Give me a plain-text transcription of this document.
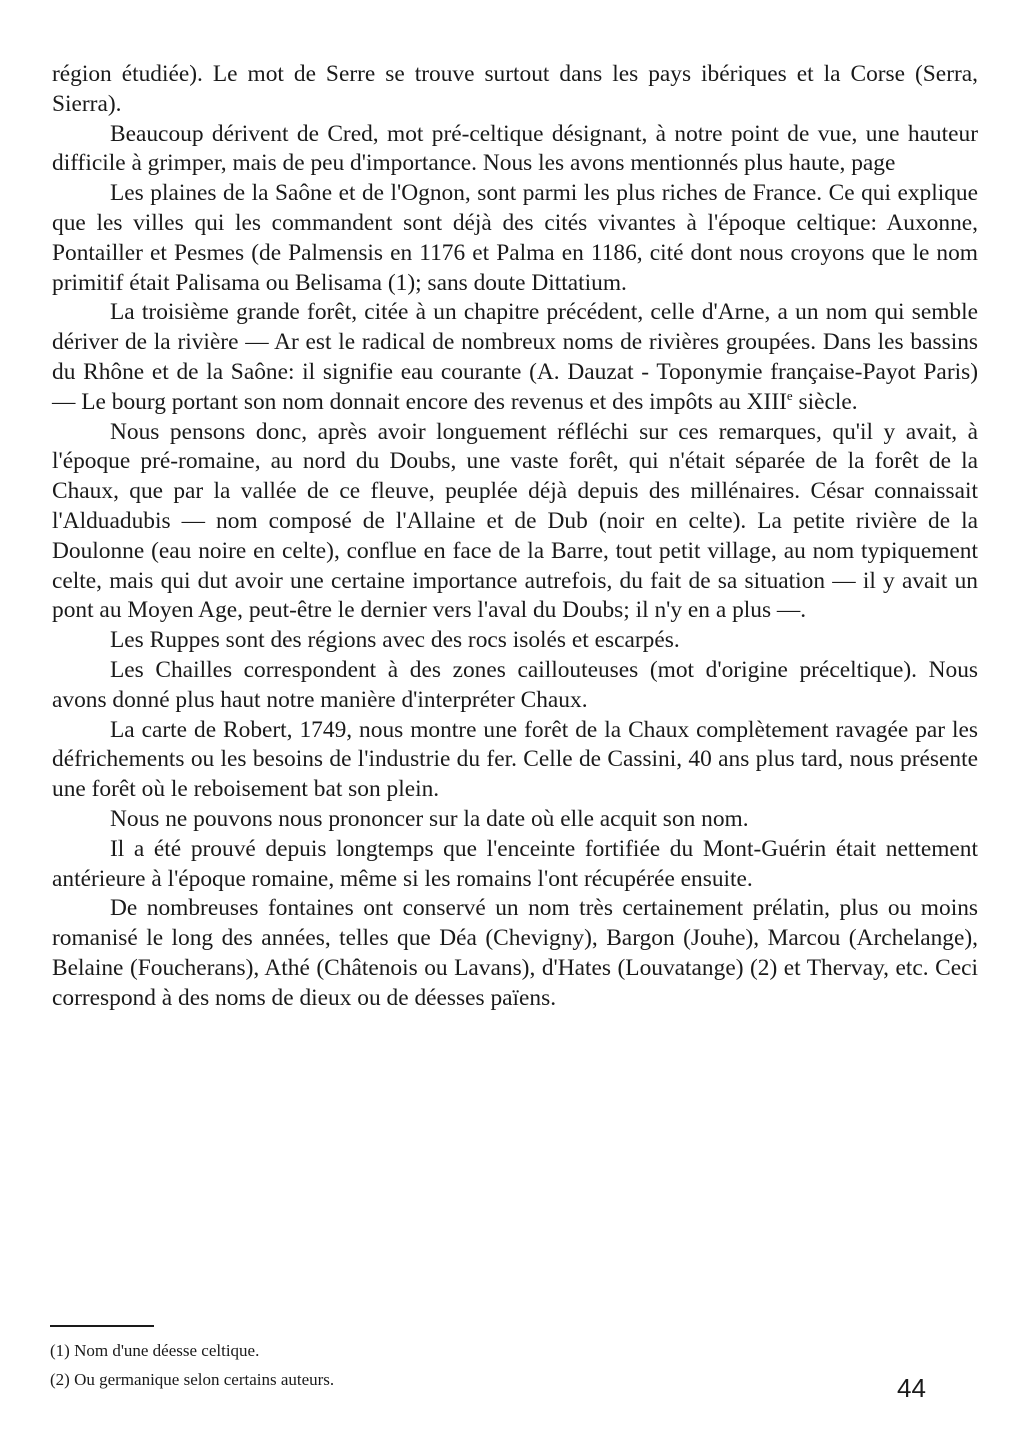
région étudiée). Le mot de Serre se trouve surtout dans les pays ibériques et la Corse (Serra, Sierra).

Beaucoup dérivent de Cred, mot pré-celtique désignant, à notre point de vue, une hauteur difficile à grimper, mais de peu d'importance. Nous les avons mentionnés plus haute, page

Les plaines de la Saône et de l'Ognon, sont parmi les plus riches de France. Ce qui explique que les villes qui les commandent sont déjà des cités vivantes à l'époque celtique: Auxonne, Pontailler et Pesmes (de Palmensis en 1176 et Palma en 1186, cité dont nous croyons que le nom primitif était Palisama ou Belisama (1); sans doute Dittatium.

La troisième grande forêt, citée à un chapitre précédent, celle d'Arne, a un nom qui semble dériver de la rivière — Ar est le radical de nombreux noms de rivières groupées. Dans les bassins du Rhône et de la Saône: il signifie eau courante (A. Dauzat - Toponymie française-Payot Paris) — Le bourg portant son nom donnait encore des revenus et des impôts au XIIIe siècle.

Nous pensons donc, après avoir longuement réfléchi sur ces remarques, qu'il y avait, à l'époque pré-romaine, au nord du Doubs, une vaste forêt, qui n'était séparée de la forêt de la Chaux, que par la vallée de ce fleuve, peuplée déjà depuis des millénaires. César connaissait l'Alduadubis — nom composé de l'Allaine et de Dub (noir en celte). La petite rivière de la Doulonne (eau noire en celte), conflue en face de la Barre, tout petit village, au nom typiquement celte, mais qui dut avoir une certaine importance autrefois, du fait de sa situation — il y avait un pont au Moyen Age, peut-être le dernier vers l'aval du Doubs; il n'y en a plus —.

Les Ruppes sont des régions avec des rocs isolés et escarpés.

Les Chailles correspondent à des zones caillouteuses (mot d'origine préceltique). Nous avons donné plus haut notre manière d'interpréter Chaux.

La carte de Robert, 1749, nous montre une forêt de la Chaux complètement ravagée par les défrichements ou les besoins de l'industrie du fer. Celle de Cassini, 40 ans plus tard, nous présente une forêt où le reboisement bat son plein.

Nous ne pouvons nous prononcer sur la date où elle acquit son nom.

Il a été prouvé depuis longtemps que l'enceinte fortifiée du Mont-Guérin était nettement antérieure à l'époque romaine, même si les romains l'ont récupérée ensuite.

De nombreuses fontaines ont conservé un nom très certainement prélatin, plus ou moins romanisé le long des années, telles que Déa (Chevigny), Bargon (Jouhe), Marcou (Archelange), Belaine (Foucherans), Athé (Châtenois ou Lavans), d'Hates (Louvatange) (2) et Thervay, etc. Ceci correspond à des noms de dieux ou de déesses païens.

(1) Nom d'une déesse celtique.

(2) Ou germanique selon certains auteurs.	44
